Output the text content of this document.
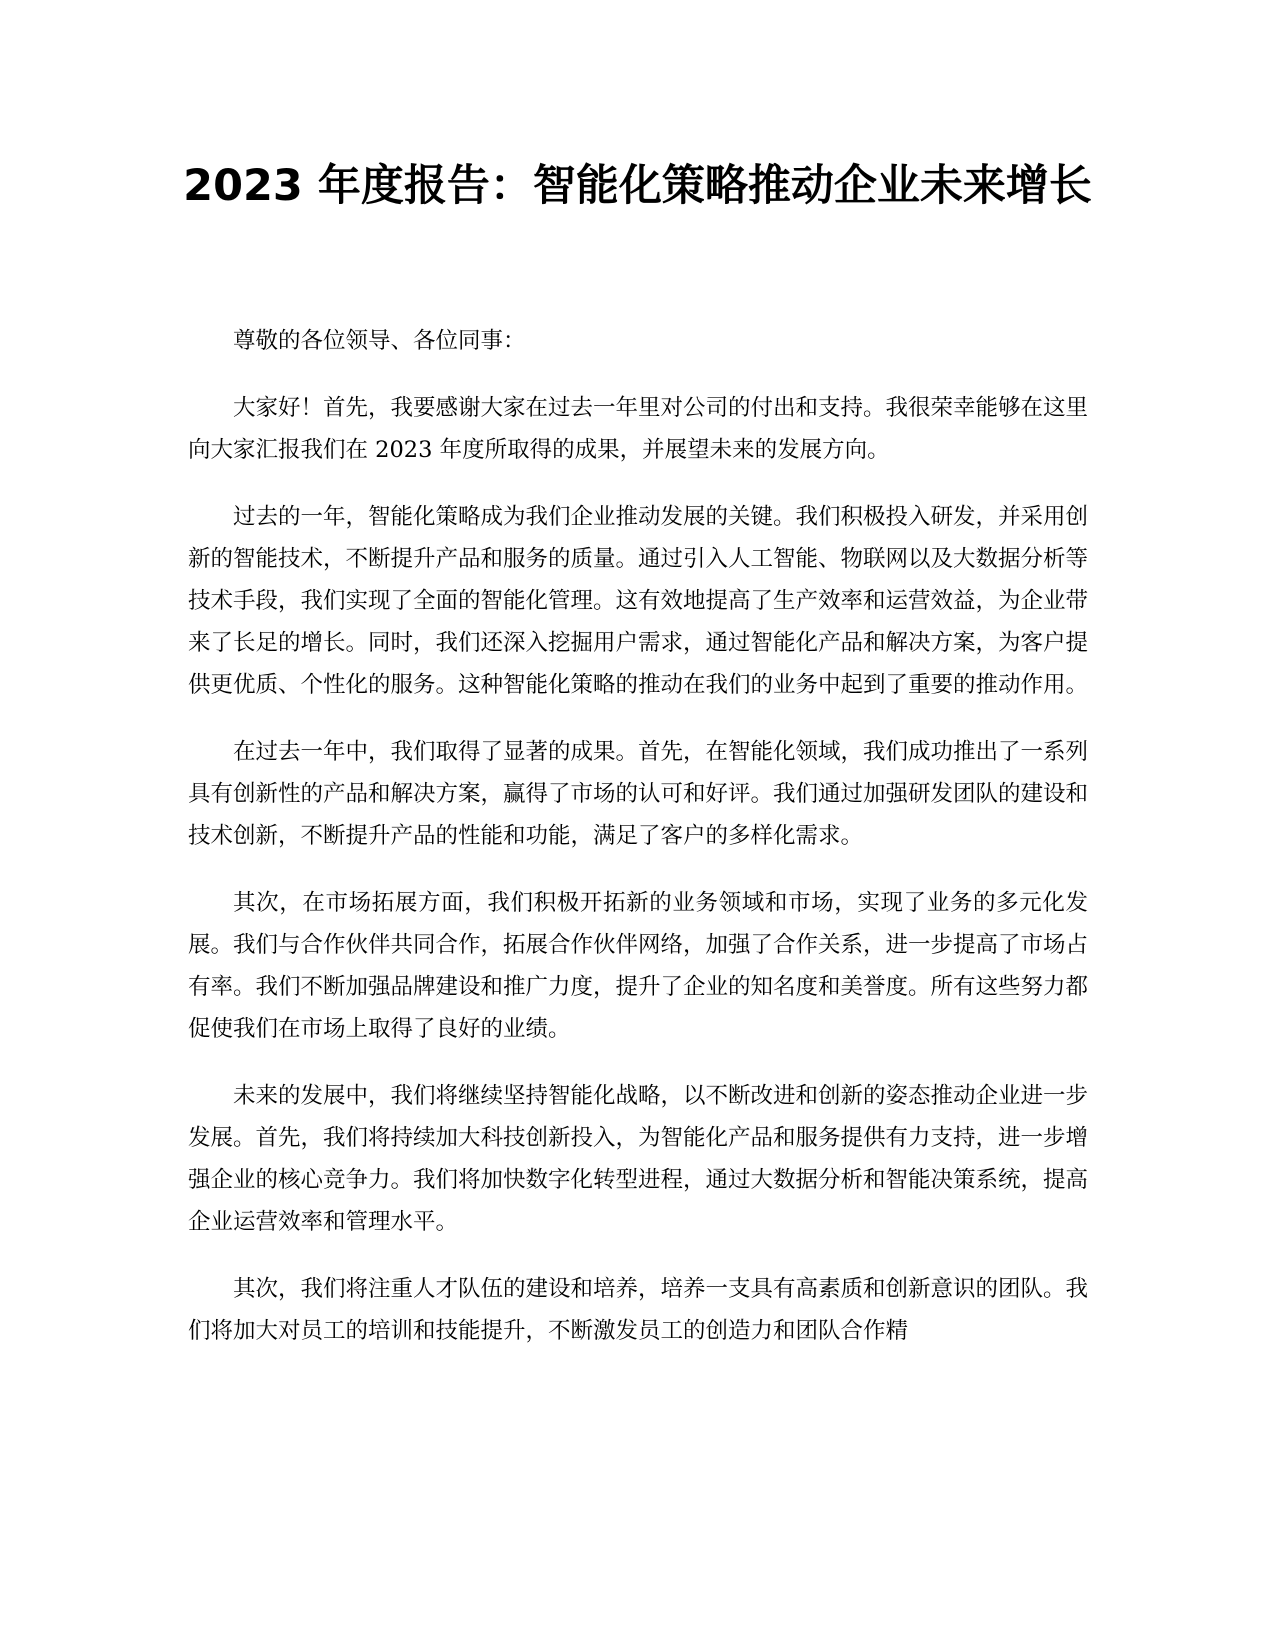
2023 年度报告：智能化策略推动企业未来增长

尊敬的各位领导、各位同事：

大家好！首先，我要感谢大家在过去一年里对公司的付出和支持。我很荣幸能够在这里向大家汇报我们在 2023 年度所取得的成果，并展望未来的发展方向。

过去的一年，智能化策略成为我们企业推动发展的关键。我们积极投入研发，并采用创新的智能技术，不断提升产品和服务的质量。通过引入人工智能、物联网以及大数据分析等技术手段，我们实现了全面的智能化管理。这有效地提高了生产效率和运营效益，为企业带来了长足的增长。同时，我们还深入挖掘用户需求，通过智能化产品和解决方案，为客户提供更优质、个性化的服务。这种智能化策略的推动在我们的业务中起到了重要的推动作用。

在过去一年中，我们取得了显著的成果。首先，在智能化领域，我们成功推出了一系列具有创新性的产品和解决方案，赢得了市场的认可和好评。我们通过加强研发团队的建设和技术创新，不断提升产品的性能和功能，满足了客户的多样化需求。

其次，在市场拓展方面，我们积极开拓新的业务领域和市场，实现了业务的多元化发展。我们与合作伙伴共同合作，拓展合作伙伴网络，加强了合作关系，进一步提高了市场占有率。我们不断加强品牌建设和推广力度，提升了企业的知名度和美誉度。所有这些努力都促使我们在市场上取得了良好的业绩。

未来的发展中，我们将继续坚持智能化战略，以不断改进和创新的姿态推动企业进一步发展。首先，我们将持续加大科技创新投入，为智能化产品和服务提供有力支持，进一步增强企业的核心竞争力。我们将加快数字化转型进程，通过大数据分析和智能决策系统，提高企业运营效率和管理水平。

其次，我们将注重人才队伍的建设和培养，培养一支具有高素质和创新意识的团队。我们将加大对员工的培训和技能提升，不断激发员工的创造力和团队合作精
